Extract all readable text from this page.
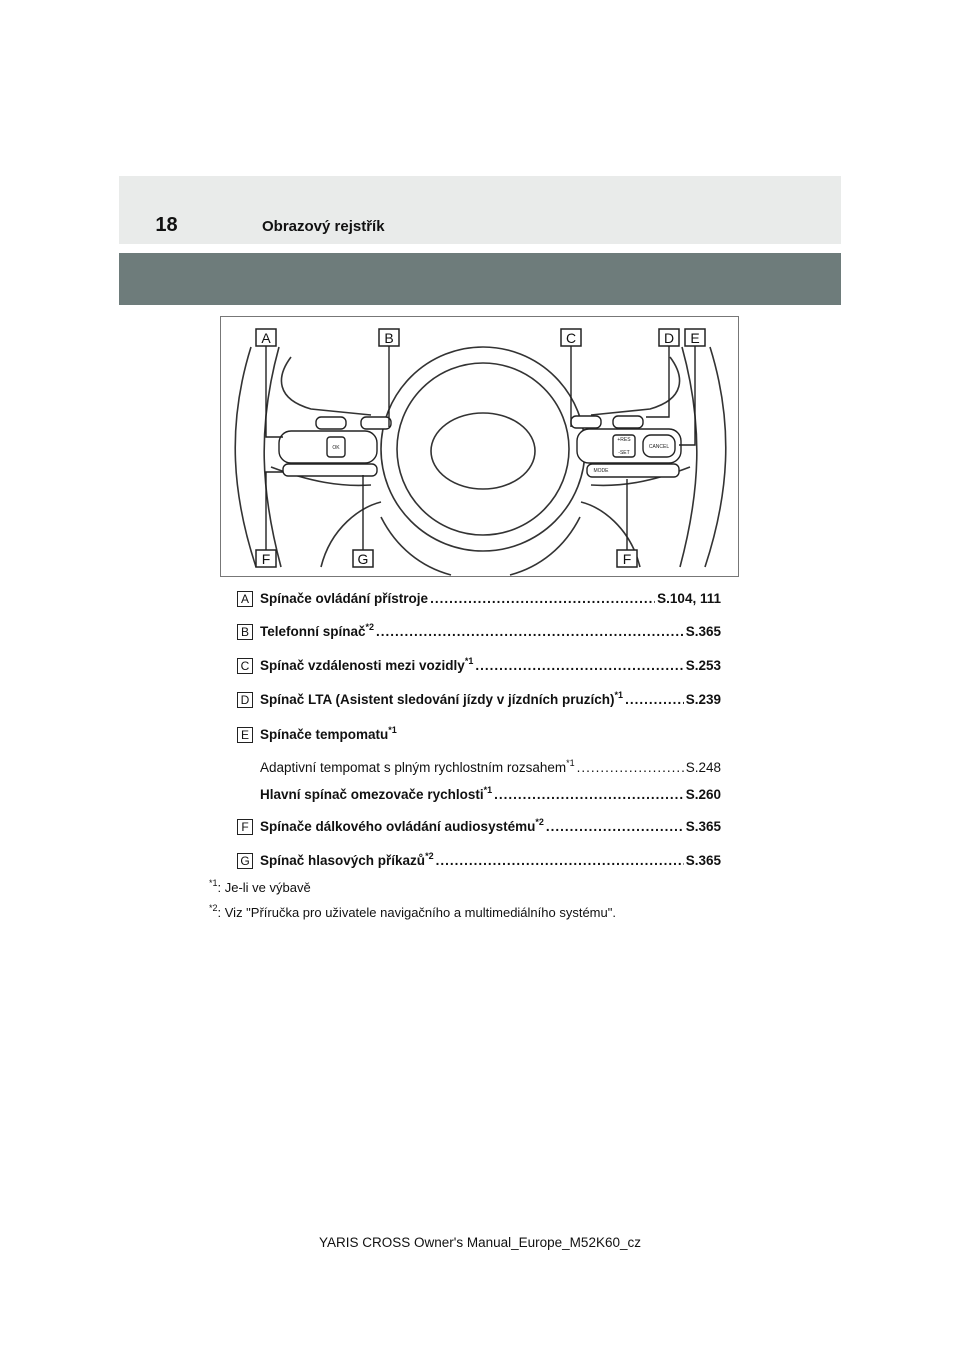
18	Obrazový rejstřík
OK	CANCEL
MODE
+RES
-SET
A	B	C	D E
F	G	F
A Spínače ovládání přístroje .....	S.104, 111
B Telefonní spínač$^{*2}$ .....	S.365
C Spínač vzdálenosti mezi vozidly$^{*1}$ .....	S.253
D Spínač LTA (Asistent sledování jízdy v jízdních pruzích)$^{*1}$ .....	S.239
E Spínače tempomatu$^{*1}$
Adaptivní tempomat s plným rychlostním rozsahem$^{*1}$ .....	S.248
Hlavní spínač omezovače rychlosti$^{*1}$ .....	S.260
F Spínače dálkového ovládání audiosystému$^{*2}$ .....	S.365
G Spínač hlasových příkazů$^{*2}$ .....	S.365
$^{*1}$: Je-li ve výbavě
$^{*2}$: Viz "Příručka pro uživatele navigačního a multimediálního systému".
YARIS CROSS Owner's Manual_Europe_M52K60_cz
